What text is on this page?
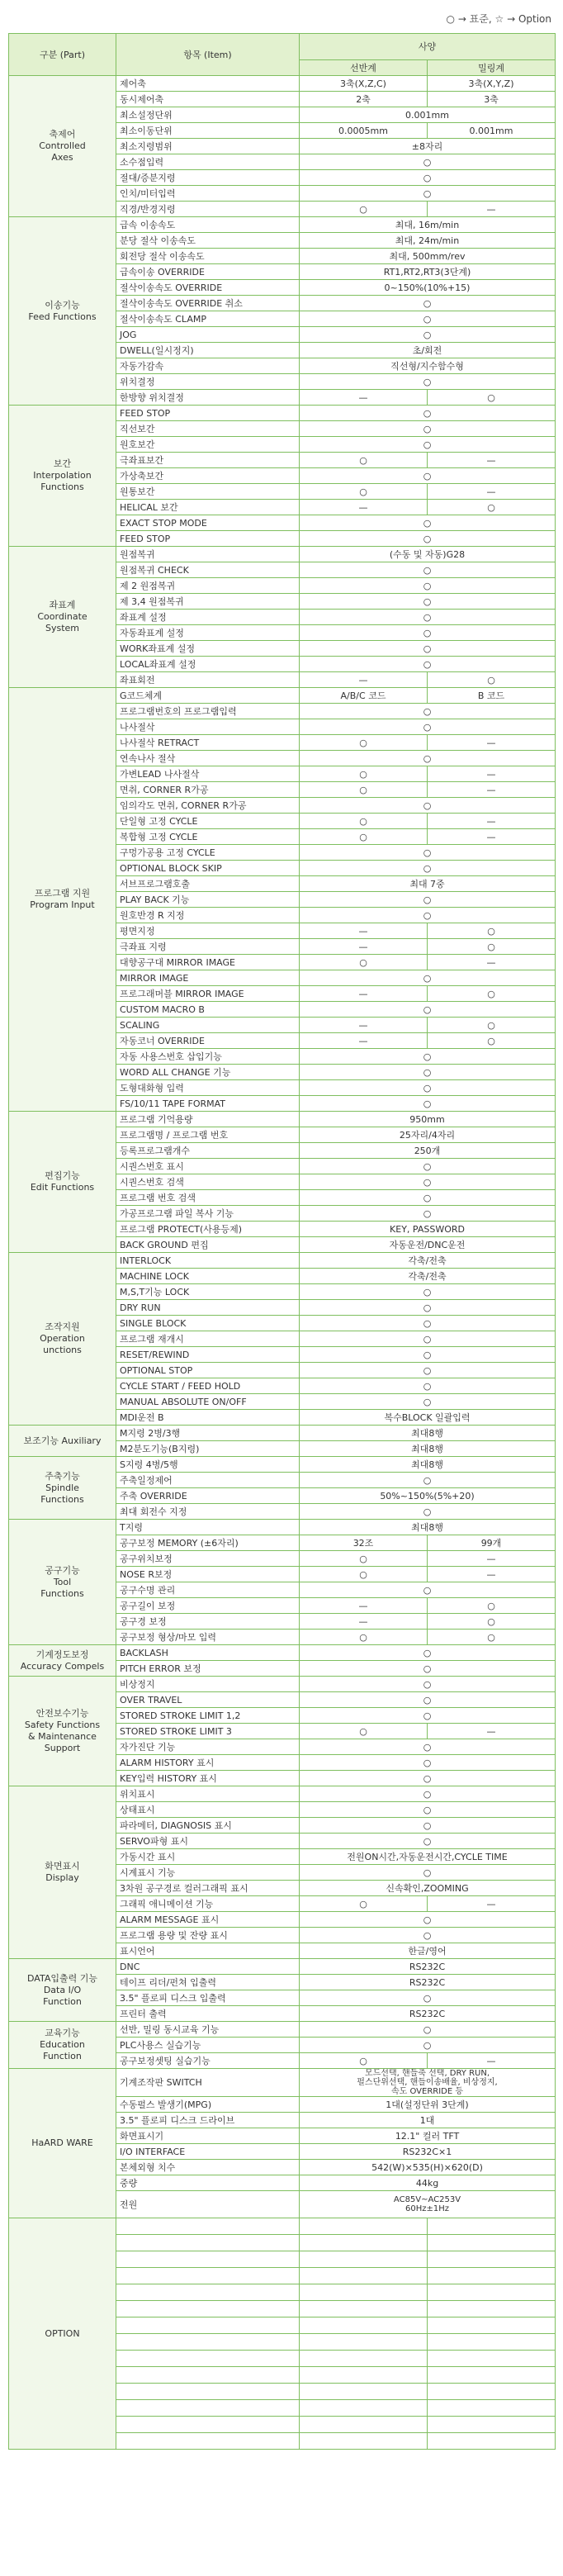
○ → 표준, ☆ → Option
구분 (Part)	항목 (Item)	사양	
		선반계	밀링계
축제어
Controlled
Axes	제어축	3축(X,Z,C)	3축(X,Y,Z)
	동시제어축	2축	3축
	최소설정단위	0.001mm	
	최소이동단위	0.0005mm	0.001mm
	최소지령범위	±8자리	
	소수점입력	○	
	절대/증분지령	○	
	인치/미터입력	○	
	직경/반경지령	○	—
이송기능
Feed Functions	급속 이송속도	최대, 16m/min	
	분당 절삭 이송속도	최대, 24m/min	
	회전당 절삭 이송속도	최대, 500mm/rev	
	급속이송 OVERRIDE	RT1,RT2,RT3(3단계)	
	절삭이송속도 OVERRIDE	0~150%(10%+15)	
	절삭이송속도 OVERRIDE 취소	○	
	절삭이송속도 CLAMP	○	
	JOG	○	
	DWELL(일시정지)	초/회전	
	자동가감속	직선형/지수함수형	
	위치결정	○	
	한방향 위치결정	—	○
보간
Interpolation
Functions	FEED STOP	○	
	직선보간	○	
	원호보간	○	
	극좌표보간	○	—
	가상축보간	○	
	원통보간	○	—
	HELICAL 보간	—	○
	EXACT STOP MODE	○	
	FEED STOP	○	
좌표계
Coordinate
System	원점복귀	(수동 및 자동)G28	
	원점복귀 CHECK	○	
	제 2 원점복귀	○	
	제 3,4 원점복귀	○	
	좌표계 설정	○	
	자동좌표계 설정	○	
	WORK좌표계 설정	○	
	LOCAL좌표계 설정	○	
	좌표회전	—	○
프로그램 지원
Program Input	G코드체계	A/B/C 코드	B 코드
	프로그램번호의 프로그램입력	○	
	나사절삭	○	
	나사절삭 RETRACT	○	—
	연속나사 절삭	○	
	가변LEAD 나사절삭	○	—
	면취, CORNER R가공	○	—
	임의각도 면취, CORNER R가공	○	
	단일형 고정 CYCLE	○	—
	복합형 고정 CYCLE	○	—
	구멍가공용 고정 CYCLE	○	
	OPTIONAL BLOCK SKIP	○	
	서브프로그램호출	최대 7중	
	PLAY BACK 기능	○	
	원호반경 R 지정	○	
	평면지정	—	○
	극좌표 지령	—	○
	대향공구대 MIRROR IMAGE	○	—
	MIRROR IMAGE	○	
	프로그래머블 MIRROR IMAGE	—	○
	CUSTOM MACRO B	○	
	SCALING	—	○
	자동코너 OVERRIDE	—	○
	자동 사용스번호 삽입기능	○	
	WORD ALL CHANGE 기능	○	
	도형대화형 입력	○	
	FS/10/11 TAPE FORMAT	○	
편집기능
Edit Functions	프로그램 기억용량	950mm	
	프로그램명 / 프로그램 번호	25자리/4자리	
	등록프로그램개수	250개	
	시퀀스번호 표시	○	
	시퀀스번호 검색	○	
	프로그램 번호 검색	○	
	가공프로그램 파일 복사 기능	○	
	프로그램 PROTECT(사용등제)	KEY, PASSWORD	
	BACK GROUND 편집	자동운전/DNC운전	
조작지원
Operation
unctions	INTERLOCK	각축/전축	
	MACHINE LOCK	각축/전축	
	M,S,T기능 LOCK	○	
	DRY RUN	○	
	SINGLE BLOCK	○	
	프로그램 재개시	○	
	RESET/REWIND	○	
	OPTIONAL STOP	○	
	CYCLE START / FEED HOLD	○	
	MANUAL ABSOLUTE ON/OFF	○	
	MDI운전 B	복수BLOCK 일괄입력	
보조기능 Auxiliary	M지령 2병/3행	최대8행	
	M2분도기능(B지령)	최대8행	
주축기능
Spindle
Functions	S지령 4병/5행	최대8행	
	주축일정제어	○	
	주축 OVERRIDE	50%~150%(5%+20)	
	최대 회전수 지정	○	
공구기능
Tool
Functions	T지령	최대8행	
	공구보정 MEMORY (±6자리)	32조	99개
	공구위치보정	○	—
	NOSE R보정	○	—
	공구수명 관리	○	
	공구길이 보정	—	○
	공구경 보정	—	○
	공구보정 형상/마모 입력	○	○
기계정도보정
Accuracy Compels	BACKLASH	○	
	PITCH ERROR 보정	○	
안전보수기능
Safety Functions
& Maintenance
Support	비상정지	○	
	OVER TRAVEL	○	
	STORED STROKE LIMIT 1,2	○	
	STORED STROKE LIMIT 3	○	—
	자가진단 기능	○	
	ALARM HISTORY 표시	○	
	KEY입력 HISTORY 표시	○	
화면표시
Display	위치표시	○	
	상태표시	○	
	파라메터, DIAGNOSIS 표시	○	
	SERVO파형 표시	○	
	가동시간 표시	전원ON시간,자동운전시간,CYCLE TIME	
	시계표시 기능	○	
	3차원 공구경로 컬러그래픽 표시	신속확인,ZOOMING	
	그래픽 애니메이션 기능	○	—
	ALARM MESSAGE 표시	○	
	프로그램 용량 및 잔량 표시	○	
	표시언어	한글/영어	
DATA입출력 기능
Data I/O
Function	DNC	RS232C	
	테이프 리더/펀쳐 입출력	RS232C	
	3.5" 플로피 디스크 입출력	○	
	프린터 출력	RS232C	
교육기능
Education
Function	선반, 밀링 동시교육 기능	○	
	PLC사용스 실습기능	○	
	공구보정셋팅 실습기능	○	—
HaARD WARE	기계조작판 SWITCH	모드선택, 핸들축 선택, DRY RUN,
펄스단위선택, 핸들이송배율, 비상정지,
속도 OVERRIDE 등	
	수동펄스 발생기(MPG)	1대(설정단위 3단계)	
	3.5" 플로피 디스크 드라이브	1대	
	화면표시기	12.1" 컬러 TFT	
	I/O INTERFACE	RS232C×1	
	본체외형 치수	542(W)×535(H)×620(D)	
	중량	44kg	
	전원	AC85V~AC253V
60Hz±1Hz	
OPTION			
